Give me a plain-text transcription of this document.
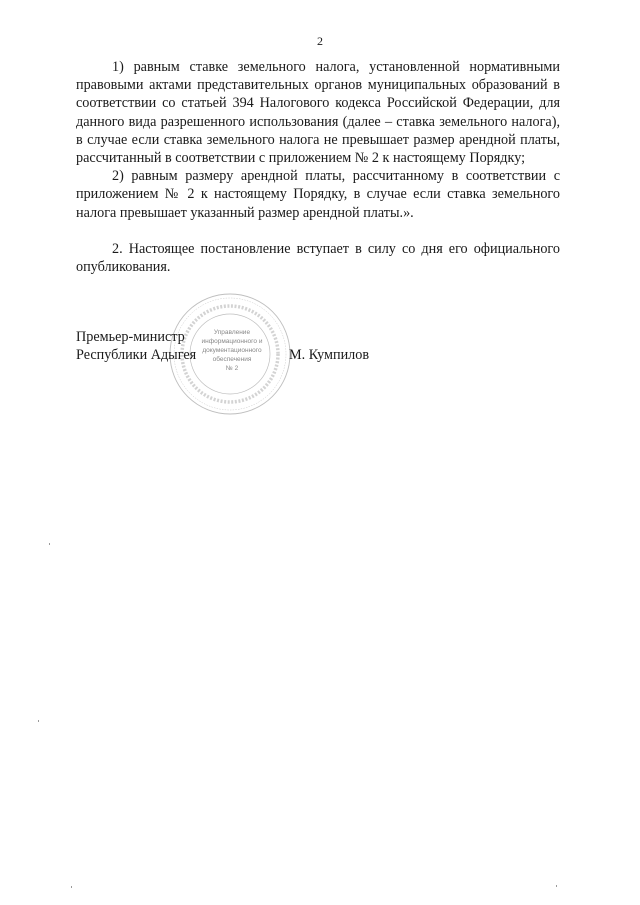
2

1) равным ставке земельного налога, установленной нормативными правовыми актами представительных органов муниципальных образований в соответствии со статьей 394 Налогового кодекса Российской Федерации, для данного вида разрешенного использования (далее – ставка земельного налога), в случае если ставка земельного налога не превышает размер арендной платы, рассчитанный в соответствии с приложением № 2 к настоящему Порядку;

2) равным размеру арендной платы, рассчитанному в соответствии с приложением № 2 к настоящему Порядку, в случае если ставка земельного налога превышает указанный размер арендной платы.».

2. Настоящее постановление вступает в силу со дня его официального опубликования.

Управление
информационного и
документационного
обеспечения
№ 2
Премьер-министр
Республики Адыгея	М. Кумпилов
